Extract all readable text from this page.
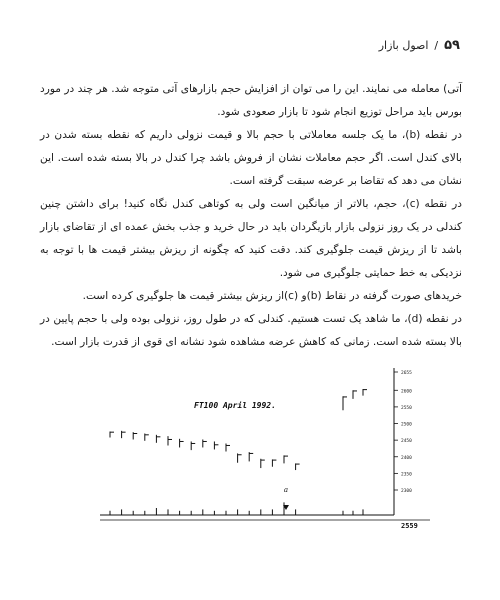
۵۹/اصول بازار

آتی) معامله می نمایند. این را می توان از افزایش حجم بازارهای آتی متوجه شد. هر چند در مورد بورس باید مراحل توزیع انجام شود تا بازار صعودی شود.

در نقطه (b)، ما یک جلسه معاملاتی با حجم بالا و قیمت نزولی داریم که نقطه بسته شدن در بالای کندل است. اگر حجم معاملات نشان از فروش باشد چرا کندل در بالا بسته شده است. این نشان می دهد که تقاضا بر عرضه سبقت گرفته است.

در نقطه (c)، حجم، بالاتر از میانگین است ولی به کوتاهی کندل نگاه کنید! برای داشتن چنین کندلی در یک روز نزولی بازار بازیگردان باید در حال خرید و جذب بخش عمده ای از تقاضای بازار باشد تا از ریزش قیمت جلوگیری کند. دقت کنید که چگونه از ریزش بیشتر قیمت ها با توجه به نزدیکی به خط حمایتی جلوگیری می شود.

خریدهای صورت گرفته در نقاط (b)و (c)از ریزش بیشتر قیمت ها جلوگیری کرده است.

در نقطه (d)، ما شاهد یک تست هستیم. کندلی که در طول روز، نزولی بوده ولی با حجم پایین در بالا بسته شده است. زمانی که کاهش عرضه مشاهده شود نشانه ای قوی از قدرت بازار است.

FT100 April 1992.
2655
2600
2550
2500
2450
2400
2350
2300
2559
a
